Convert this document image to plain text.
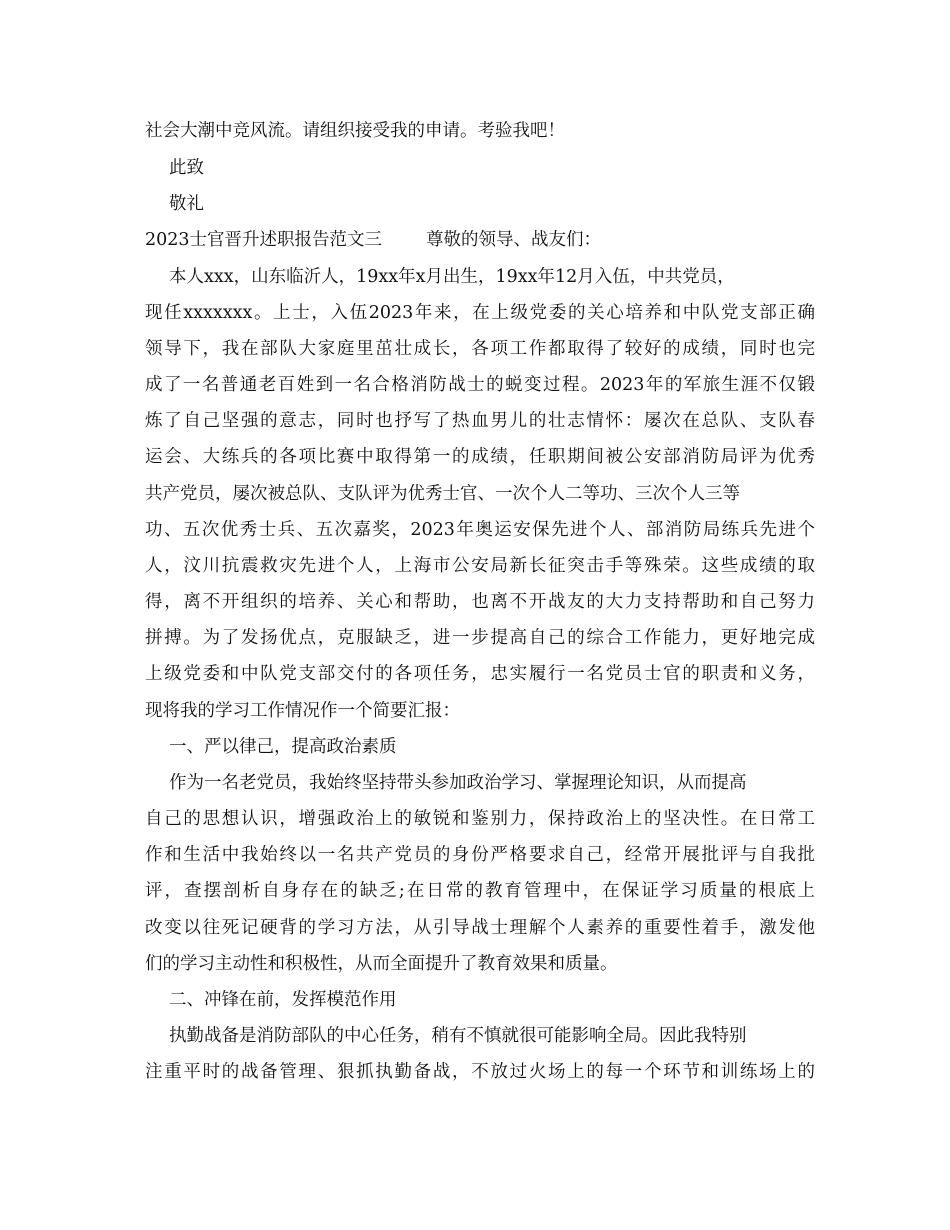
社会大潮中竞风流。请组织接受我的申请。考验我吧！
此致
敬礼
2023士官晋升述职报告范文三	尊敬的领导、战友们：
本人xxx，山东临沂人，19xx年x月出生，19xx年12月入伍，中共党员，
现任xxxxxxx。上士，入伍2023年来，在上级党委的关心培养和中队党支部正确
领导下，我在部队大家庭里茁壮成长，各项工作都取得了较好的成绩，同时也完
成了一名普通老百姓到一名合格消防战士的蜕变过程。2023年的军旅生涯不仅锻
炼了自己坚强的意志，同时也抒写了热血男儿的壮志情怀：屡次在总队、支队春
运会、大练兵的各项比赛中取得第一的成绩，任职期间被公安部消防局评为优秀
共产党员，屡次被总队、支队评为优秀士官、一次个人二等功、三次个人三等
功、五次优秀士兵、五次嘉奖，2023年奥运安保先进个人、部消防局练兵先进个
人，汶川抗震救灾先进个人，上海市公安局新长征突击手等殊荣。这些成绩的取
得，离不开组织的培养、关心和帮助，也离不开战友的大力支持帮助和自己努力
拼搏。为了发扬优点，克服缺乏，进一步提高自己的综合工作能力，更好地完成
上级党委和中队党支部交付的各项任务，忠实履行一名党员士官的职责和义务，
现将我的学习工作情况作一个简要汇报：
一、严以律己，提高政治素质
作为一名老党员，我始终坚持带头参加政治学习、掌握理论知识，从而提高
自己的思想认识，增强政治上的敏锐和鉴别力，保持政治上的坚决性。在日常工
作和生活中我始终以一名共产党员的身份严格要求自己，经常开展批评与自我批
评，查摆剖析自身存在的缺乏;在日常的教育管理中，在保证学习质量的根底上
改变以往死记硬背的学习方法，从引导战士理解个人素养的重要性着手，激发他
们的学习主动性和积极性，从而全面提升了教育效果和质量。
二、冲锋在前，发挥模范作用
执勤战备是消防部队的中心任务，稍有不慎就很可能影响全局。因此我特别
注重平时的战备管理、狠抓执勤备战，不放过火场上的每一个环节和训练场上的
